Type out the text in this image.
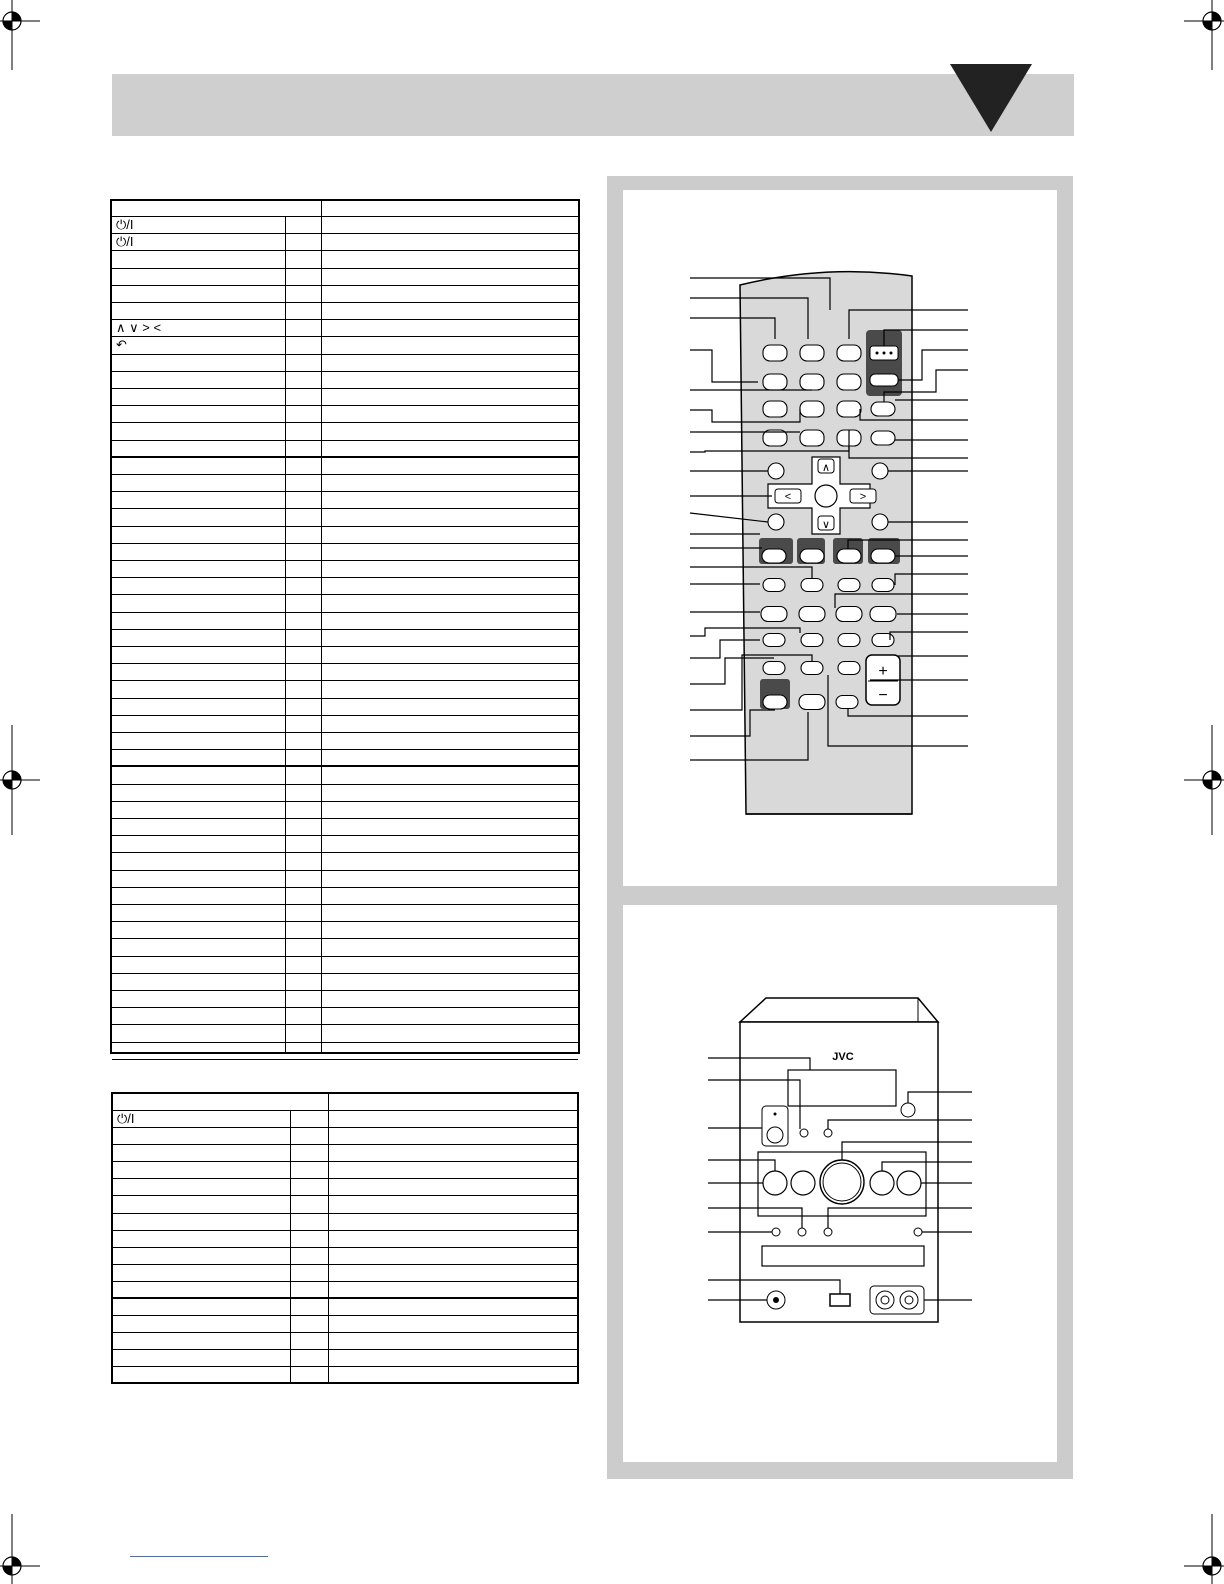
⏻/I
⏻/I
∧ ∨ > <
↶
⏻/I
+
−
∧
∨
<	>
JVC
